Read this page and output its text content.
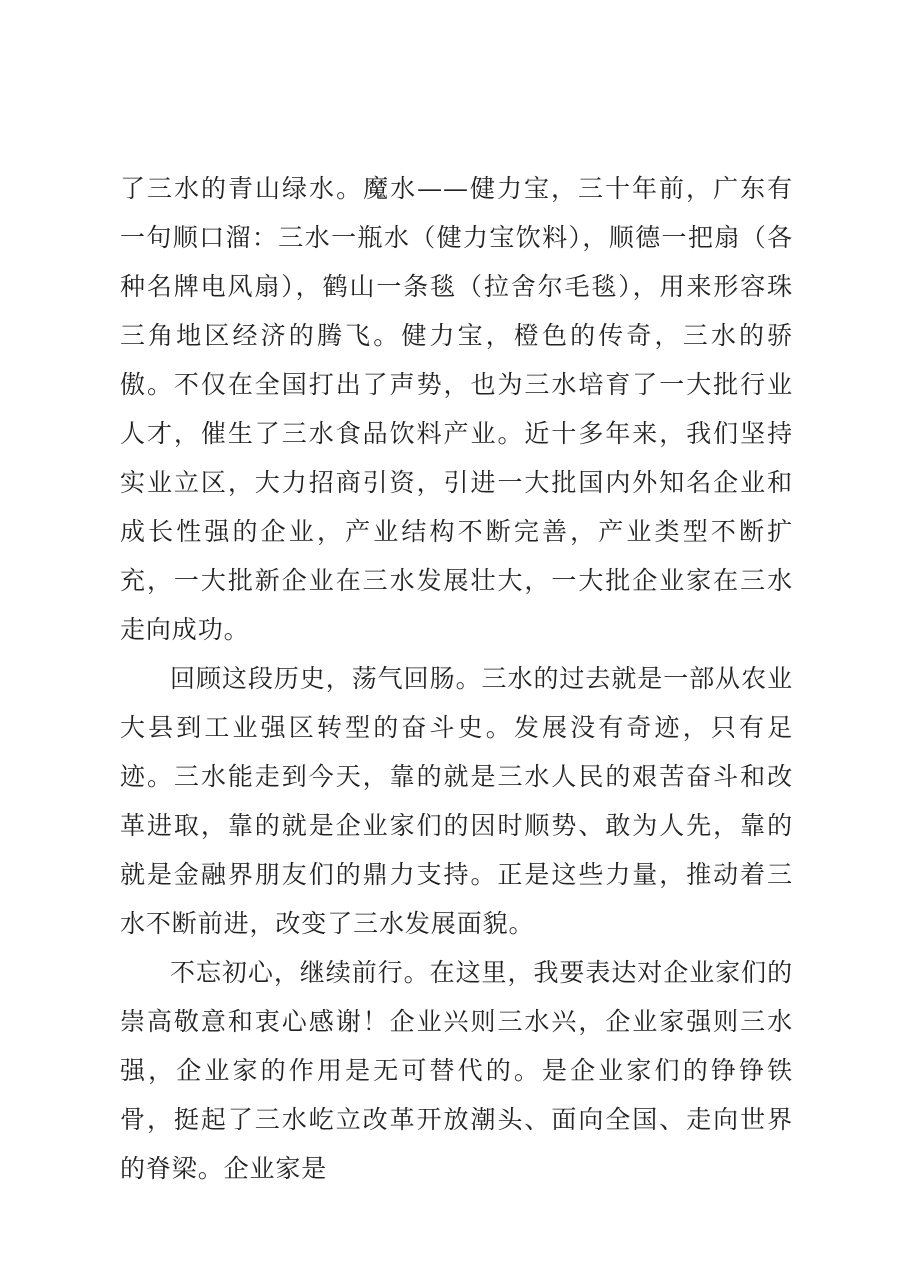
了三水的青山绿水。魔水——健力宝，三十年前，广东有一句顺口溜：三水一瓶水（健力宝饮料），顺德一把扇（各种名牌电风扇），鹤山一条毯（拉舍尔毛毯），用来形容珠三角地区经济的腾飞。健力宝，橙色的传奇，三水的骄傲。不仅在全国打出了声势，也为三水培育了一大批行业人才，催生了三水食品饮料产业。近十多年来，我们坚持实业立区，大力招商引资，引进一大批国内外知名企业和成长性强的企业，产业结构不断完善，产业类型不断扩充，一大批新企业在三水发展壮大，一大批企业家在三水走向成功。

回顾这段历史，荡气回肠。三水的过去就是一部从农业大县到工业强区转型的奋斗史。发展没有奇迹，只有足迹。三水能走到今天，靠的就是三水人民的艰苦奋斗和改革进取，靠的就是企业家们的因时顺势、敢为人先，靠的就是金融界朋友们的鼎力支持。正是这些力量，推动着三水不断前进，改变了三水发展面貌。

不忘初心，继续前行。在这里，我要表达对企业家们的崇高敬意和衷心感谢！企业兴则三水兴，企业家强则三水强，企业家的作用是无可替代的。是企业家们的铮铮铁骨，挺起了三水屹立改革开放潮头、面向全国、走向世界的脊梁。企业家是
